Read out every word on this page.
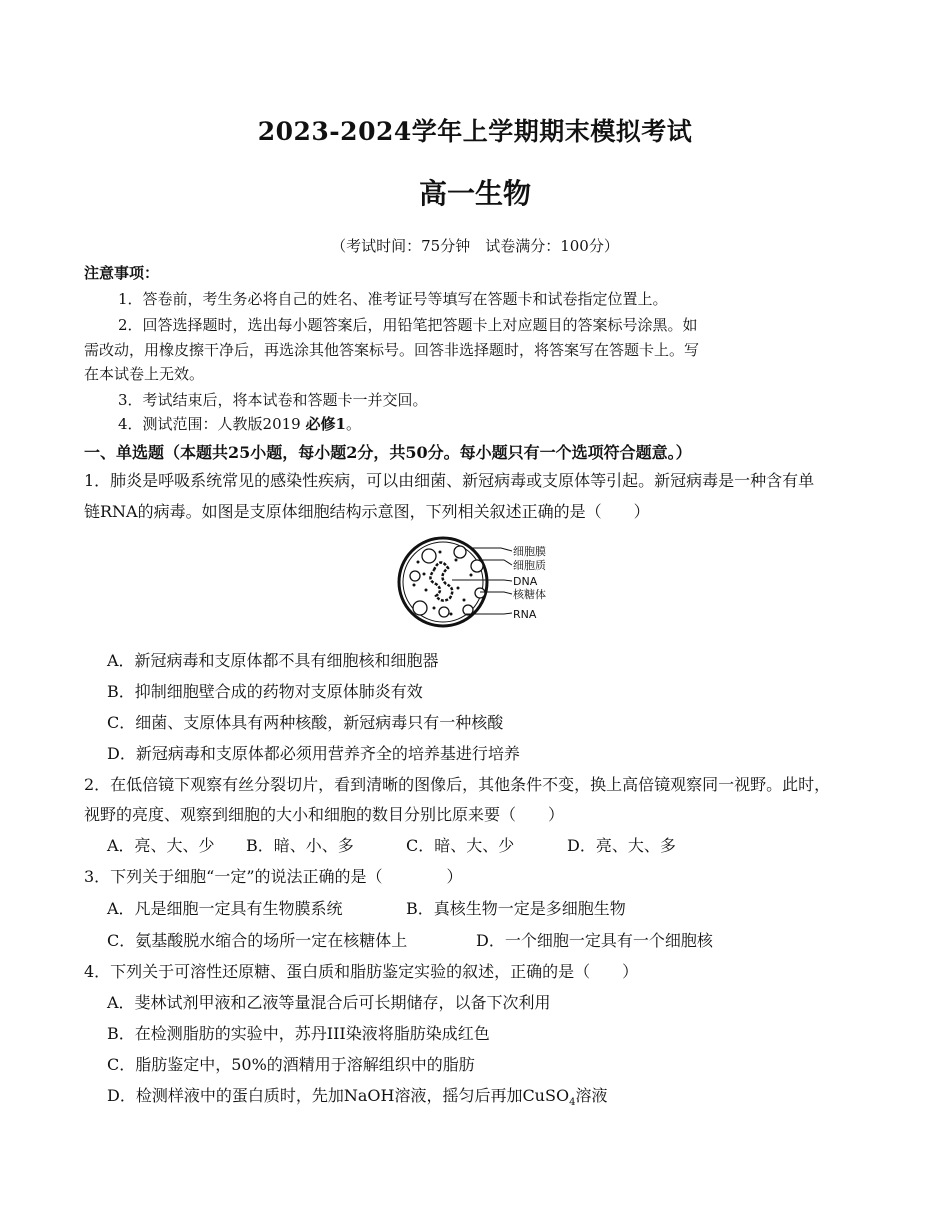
2023-2024学年上学期期末模拟考试
高一生物
（考试时间：75分钟　试卷满分：100分）
注意事项：
1．答卷前，考生务必将自己的姓名、准考证号等填写在答题卡和试卷指定位置上。
2．回答选择题时，选出每小题答案后，用铅笔把答题卡上对应题目的答案标号涂黑。如
需改动，用橡皮擦干净后，再选涂其他答案标号。回答非选择题时，将答案写在答题卡上。写
在本试卷上无效。
3．考试结束后，将本试卷和答题卡一并交回。
4．测试范围：人教版2019 必修1。
一、单选题（本题共25小题，每小题2分，共50分。每小题只有一个选项符合题意。）
1．肺炎是呼吸系统常见的感染性疾病，可以由细菌、新冠病毒或支原体等引起。新冠病毒是一种含有单
链RNA的病毒。如图是支原体细胞结构示意图，下列相关叙述正确的是（　　）
细胞膜
细胞质
DNA
核糖体
RNA
A．新冠病毒和支原体都不具有细胞核和细胞器
B．抑制细胞壁合成的药物对支原体肺炎有效
C．细菌、支原体具有两种核酸，新冠病毒只有一种核酸
D．新冠病毒和支原体都必须用营养齐全的培养基进行培养
2．在低倍镜下观察有丝分裂切片，看到清晰的图像后，其他条件不变，换上高倍镜观察同一视野。此时，
视野的亮度、观察到细胞的大小和细胞的数目分别比原来要（　　）
A．亮、大、少 B．暗、小、多	C．暗、大、少	D．亮、大、多
3．下列关于细胞“一定”的说法正确的是（　　　　）
A．凡是细胞一定具有生物膜系统	B．真核生物一定是多细胞生物
C．氨基酸脱水缩合的场所一定在核糖体上	D．一个细胞一定具有一个细胞核
4．下列关于可溶性还原糖、蛋白质和脂肪鉴定实验的叙述，正确的是（　　）
A．斐林试剂甲液和乙液等量混合后可长期储存，以备下次利用
B．在检测脂肪的实验中，苏丹III染液将脂肪染成红色
C．脂肪鉴定中，50%的酒精用于溶解组织中的脂肪
D．检测样液中的蛋白质时，先加NaOH溶液，摇匀后再加CuSO$_4$溶液
